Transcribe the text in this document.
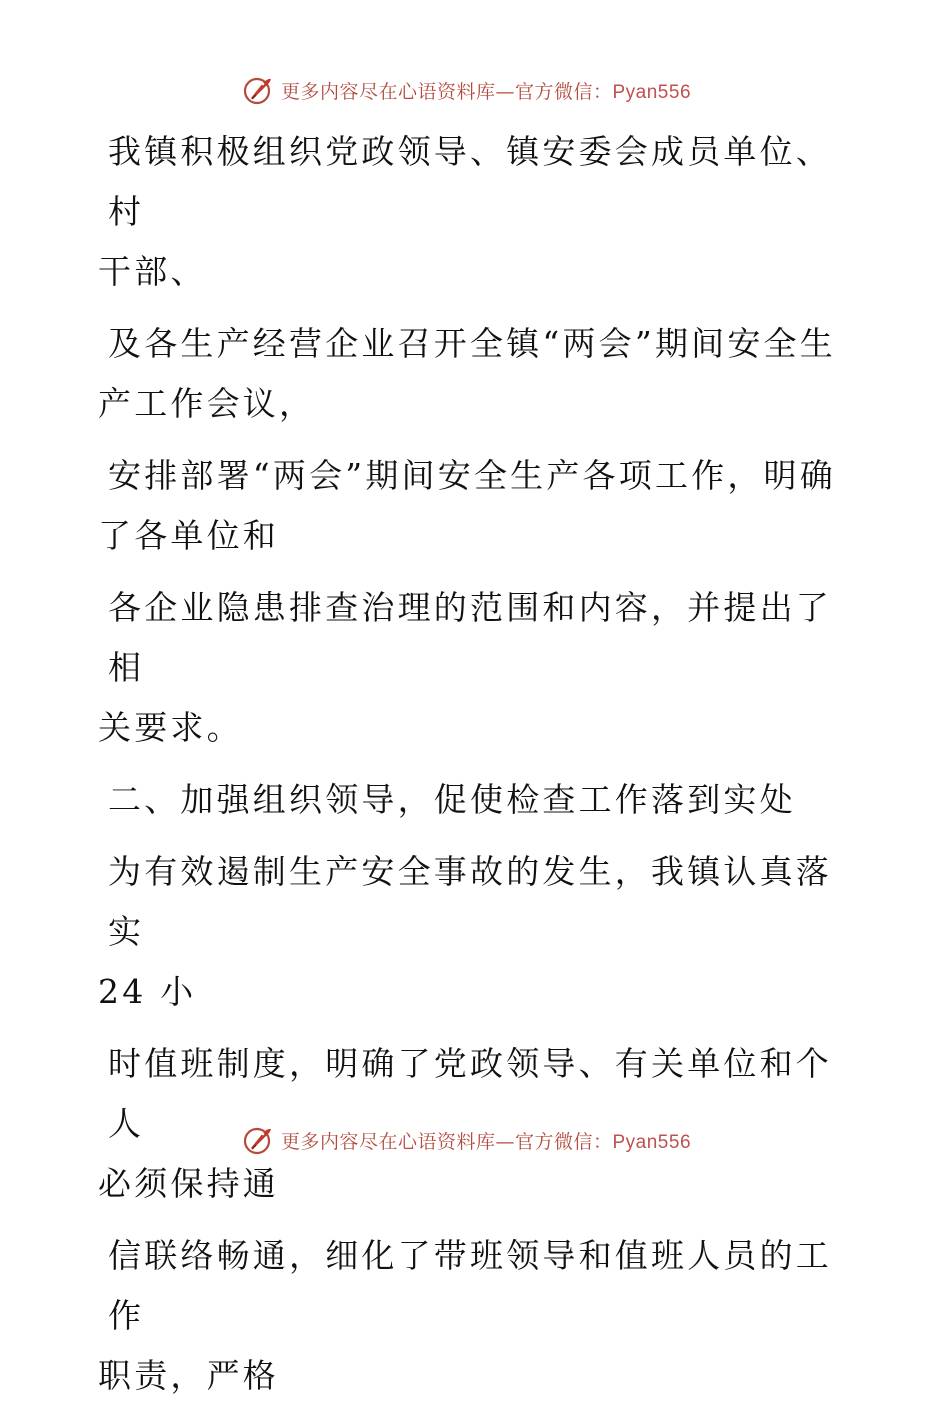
更多内容尽在心语资料库—官方微信：Pyan556

我镇积极组织党政领导、镇安委会成员单位、村
干部、

及各生产经营企业召开全镇“两会”期间安全生
产工作会议，

安排部署“两会”期间安全生产各项工作，明确
了各单位和

各企业隐患排查治理的范围和内容，并提出了相
关要求。

二、加强组织领导，促使检查工作落到实处

为有效遏制生产安全事故的发生，我镇认真落实
24 小

时值班制度，明确了党政领导、有关单位和个人
必须保持通

信联络畅通，细化了带班领导和值班人员的工作
职责，严格

更多内容尽在心语资料库—官方微信：Pyan556
